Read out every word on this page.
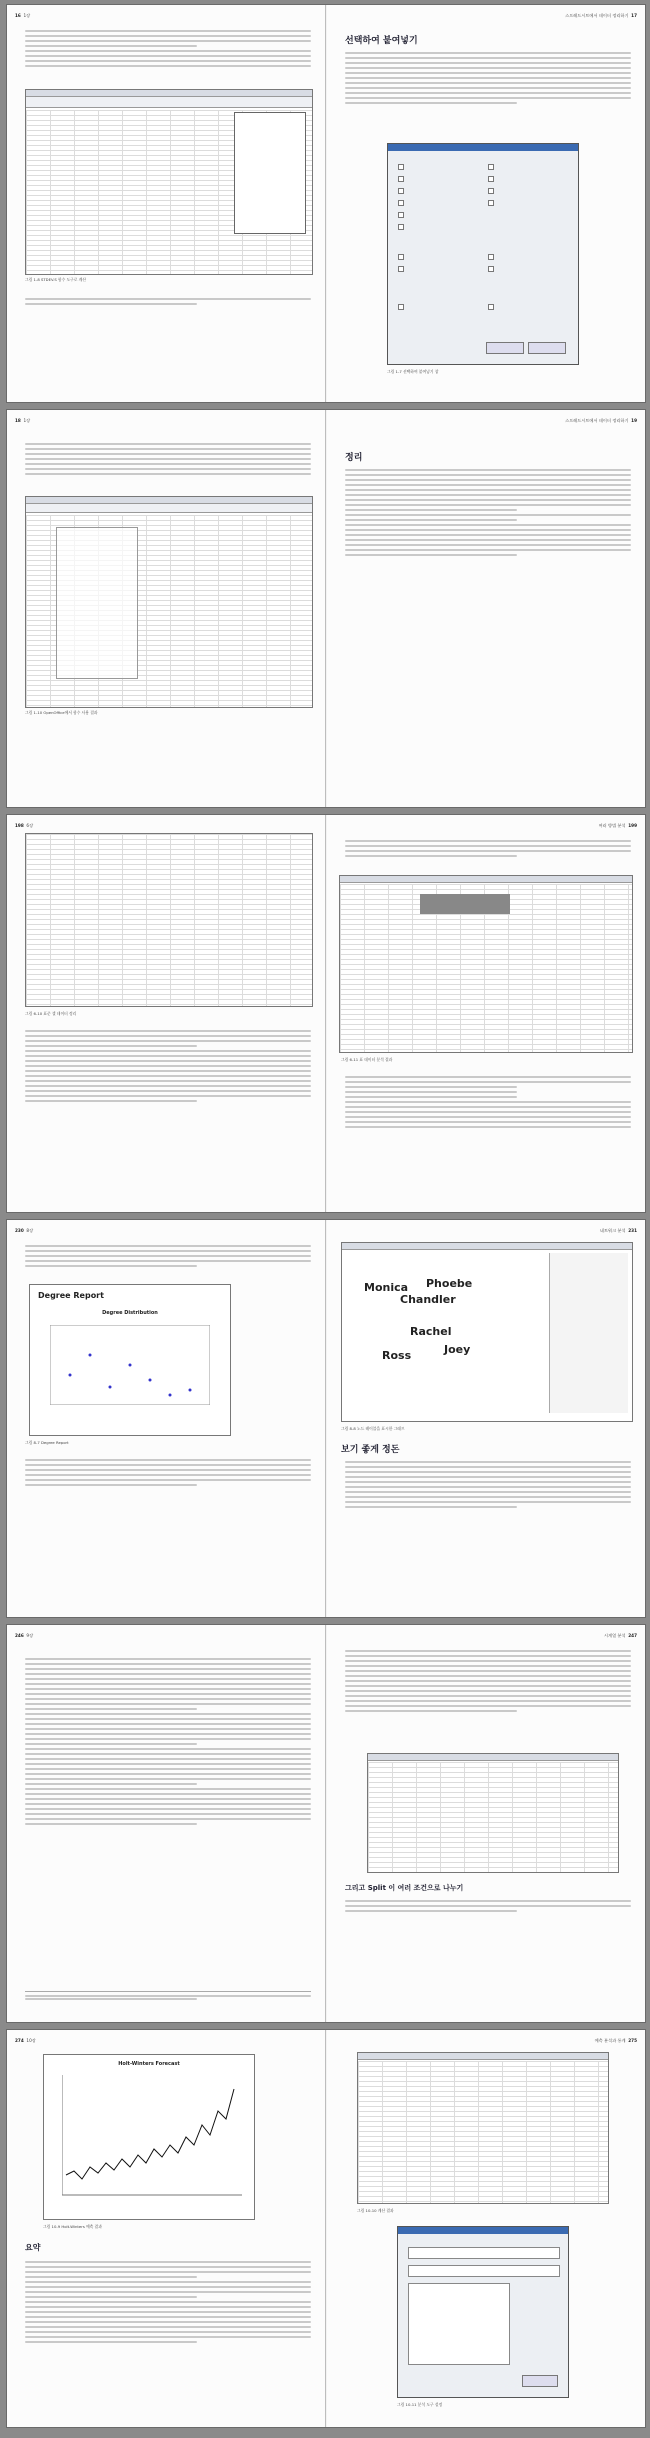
16 1장
그림 1-8 STDEV.S 함수 도구로 계산
스프레드시트에서 데이터 정리하기 17
선택하여 붙여넣기
그림 1-7 선택하여 붙여넣기 창
18 1장
그림 1-10 OpenOffice에서 함수 사용 결과
스프레드시트에서 데이터 정리하기 19
정리
198 6장
그림 6-10 표준 셀 데이터 정리
여러 방법 분석 199
그림 6-11 표 데이터 분석 결과
230 8장
Degree Report
Degree Distribution
그림 8-7 Degree Report
네트워크 분석 231
Monica Phoebe
Chandler
Rachel
Joey
Ross
그림 8-8 노드 레이블을 표시한 그래프
보기 좋게 정돈
246 9장	시계열 분석 247
그리고 Split 이 여러 조건으로 나누기
274 10장
Holt-Winters Forecast
그림 10-9 Holt-Winters 예측 결과
요약
예측 분석과 통계 275
그림 10-10 계산 결과
그림 10-11 분석 도구 설정
